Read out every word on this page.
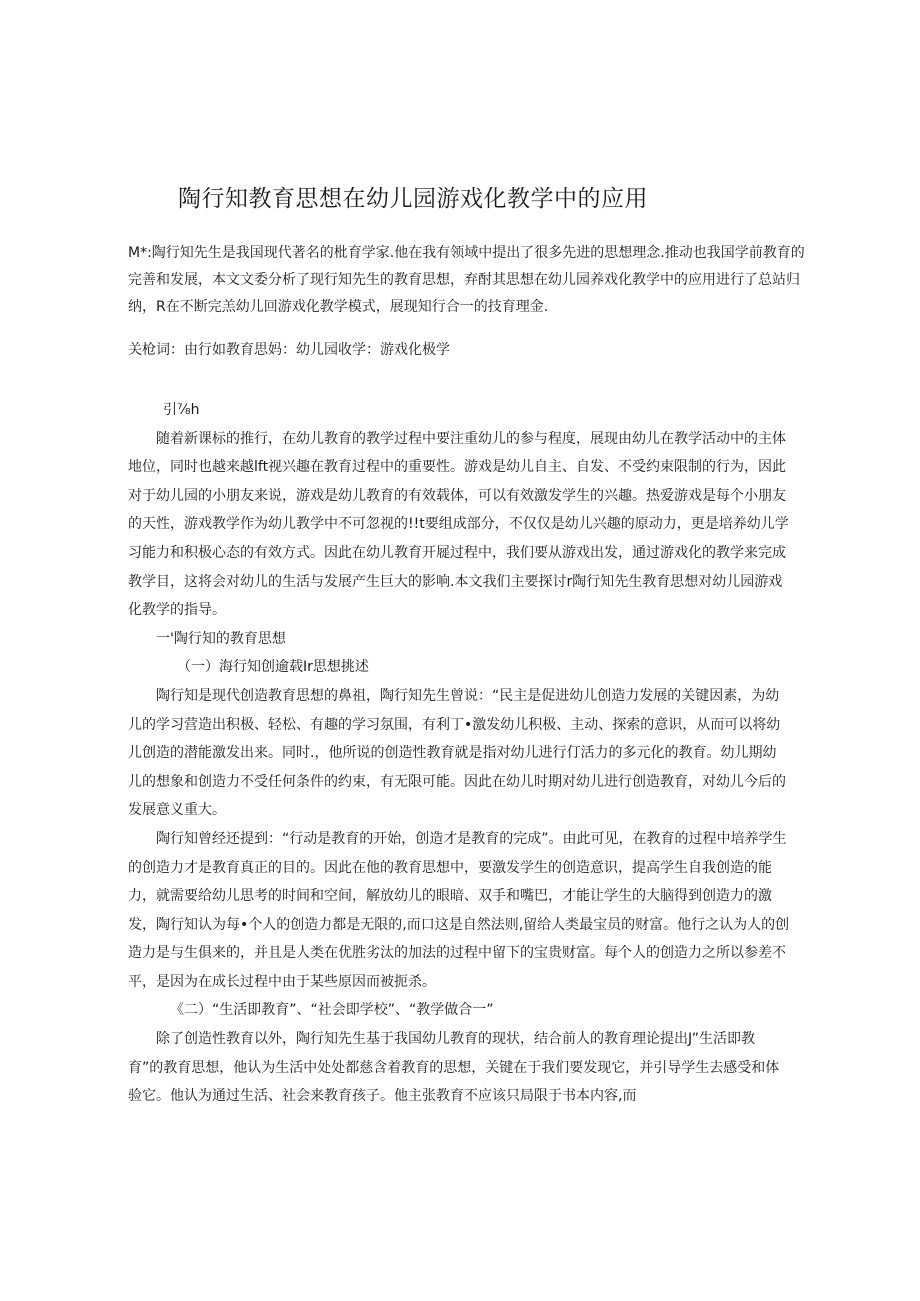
陶行知教育思想在幼儿园游戏化教学中的应用
M*:陶行知先生是我国现代著名的枇育学家.他在我有领域中提出了很多先进的思想理念.推动也我国学前教育的完善和发展，本文文委分析了现行知先生的教育思想，弃酎其思想在幼儿园养戏化教学中的应用进行了总站归纳，R在不断完羔幼儿回游戏化教学模式，展现知行合一的技育理金.
关枪词：由行如教育思妈：幼儿园收学：游戏化极学

引⅞h

随着新课标的推行，在幼儿教育的教学过程中要注重幼儿的参与程度，展现由幼儿在教学活动中的主体地位，同时也越来越lft视兴趣在教育过程中的重要性。游戏是幼儿自主、自发、不受约束限制的行为，因此对于幼儿园的小朋友来说，游戏是幼儿教育的有效载体，可以有效激发学生的兴趣。热爱游戏是每个小朋友的天性，游戏教学作为幼儿教学中不可忽视的!!t要组成部分，不仅仅是幼儿兴趣的原动力，更是培养幼儿学习能力和积极心态的有效方式。因此在幼儿教育开屣过程中，我们要从游戏出发，通过游戏化的教学来完成教学目，这将会对幼儿的生活与发展产生巨大的影响.本文我们主要探讨r陶行知先生教育思想对幼儿园游戏化教学的指导。

一'陶行知的教育思想

（一）海行知创逾载Ir思想挑述

陶行知是现代创造教育思想的鼻祖，陶行知先生曾说：“民主是促进幼儿创造力发展的关键因素，为幼儿的学习营造出积极、轻松、有趣的学习氛围，有利丁•激发幼儿积极、主动、探索的意识，从而可以将幼儿创造的潜能激发出来。同时.，他所说的创造性教育就是指对幼儿进行仃活力的多元化的教育。幼儿期幼儿的想象和创造力不受任何条件的约束，有无限可能。因此在幼儿时期对幼儿进行创造教育，对幼儿今后的发展意义重大。

陶行知曾经还提到：“行动是教育的开始，创造才是教育的完成”。由此可见，在教育的过程中培养学生的创造力才是教育真正的目的。因此在他的教育思想中，要激发学生的创造意识，提高学生自我创造的能力，就需要给幼儿思考的时间和空间，解放幼儿的眼暗、双手和嘴巴，才能让学生的大脑得到创造力的激发，陶行知认为每•个人的创造力都是无限的,而口这是自然法则,留给人类最宝员的财富。他行之认为人的创造力是与生俱来的，并且是人类在优胜劣汰的加法的过程中留下的宝贵财富。每个人的创造力之所以参差不平，是因为在成长过程中由于某些原因而被扼杀。

《二）“生活即教育”、“社会即学校”、“教学做合一”

除了创造性教育以外，陶行知先生基于我国幼儿教育的现状，结合前人的教育理论提出J”生活即教育”的教育思想，他认为生活中处处都慈含着教育的思想，关键在于我们要发现它，并引导学生去感受和体验它。他认为通过生活、社会来教育孩子。他主张教育不应该只局限于书本内容,而
